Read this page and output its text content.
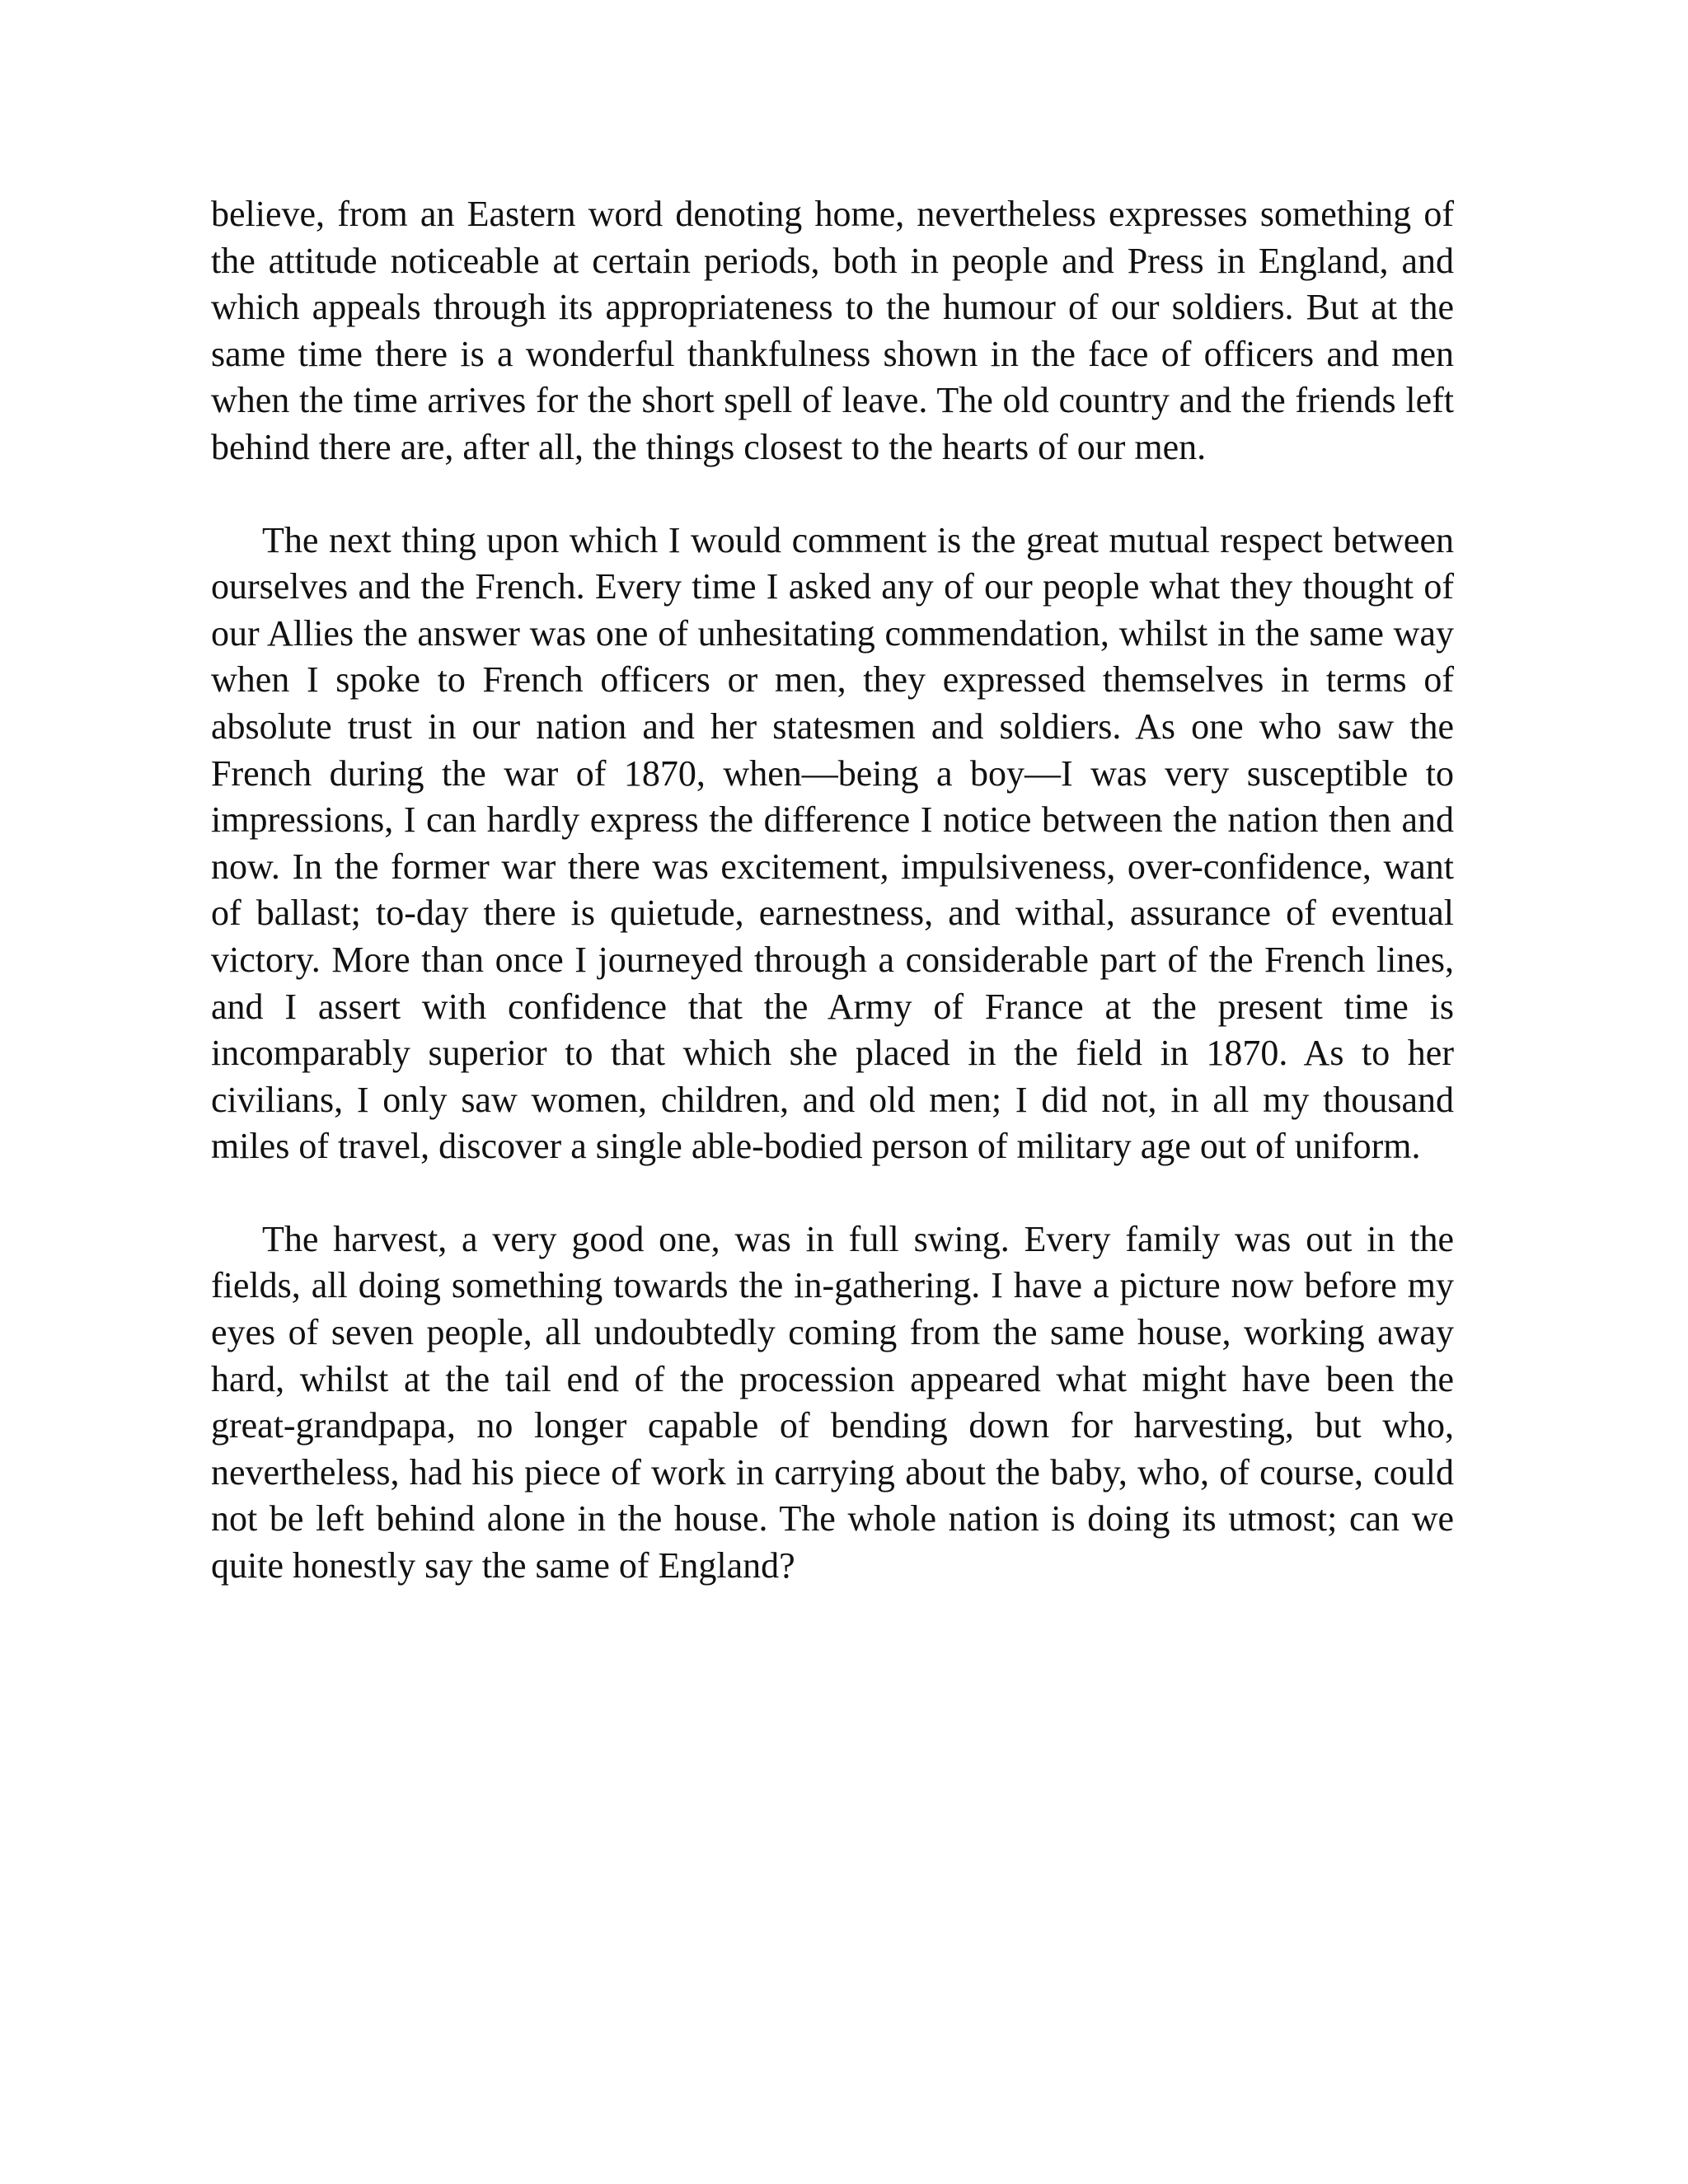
believe, from an Eastern word denoting home, nevertheless expresses something of the attitude noticeable at certain periods, both in people and Press in England, and which appeals through its appropriateness to the humour of our soldiers. But at the same time there is a wonderful thankfulness shown in the face of officers and men when the time arrives for the short spell of leave. The old country and the friends left behind there are, after all, the things closest to the hearts of our men.

The next thing upon which I would comment is the great mutual respect between ourselves and the French. Every time I asked any of our people what they thought of our Allies the answer was one of unhesitating commendation, whilst in the same way when I spoke to French officers or men, they expressed themselves in terms of absolute trust in our nation and her statesmen and soldiers. As one who saw the French during the war of 1870, when—being a boy—I was very susceptible to impressions, I can hardly express the difference I notice between the nation then and now. In the former war there was excitement, impulsiveness, over-confidence, want of ballast; to-day there is quietude, earnestness, and withal, assurance of eventual victory. More than once I journeyed through a considerable part of the French lines, and I assert with confidence that the Army of France at the present time is incomparably superior to that which she placed in the field in 1870. As to her civilians, I only saw women, children, and old men; I did not, in all my thousand miles of travel, discover a single able-bodied person of military age out of uniform.

The harvest, a very good one, was in full swing. Every family was out in the fields, all doing something towards the in-gathering. I have a picture now before my eyes of seven people, all undoubtedly coming from the same house, working away hard, whilst at the tail end of the procession appeared what might have been the great-grandpapa, no longer capable of bending down for harvesting, but who, nevertheless, had his piece of work in carrying about the baby, who, of course, could not be left behind alone in the house. The whole nation is doing its utmost; can we quite honestly say the same of England?
